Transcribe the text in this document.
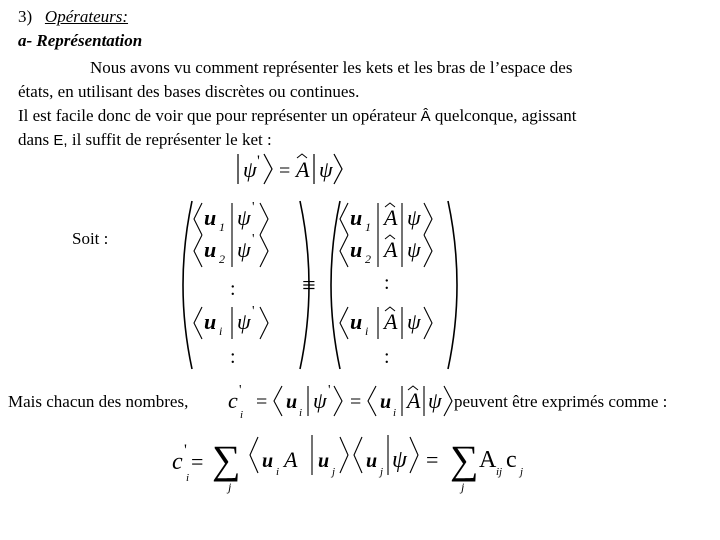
3) Opérateurs:
a- Représentation
Nous avons vu comment représenter les kets et les bras de l’espace des
états, en utilisant des bases discrètes ou continues.
Il est facile donc de voir que pour représenter un opérateur Â quelconque, agissant
dans E, il suffit de représenter le ket :
ψ ' = A ψ
Soit :
u 1 ψ '
u 2 ψ '
:
u i ψ '
:
≡
u 1 A ψ
u 2 A ψ
:
u i A ψ
:
Mais chacun des nombres, c '
i
= u i ψ '
= u i A ψ peuvent être exprimés comme :
c ' =
i ∑
j
u i A u j u j ψ = ∑
j
A ij c j
